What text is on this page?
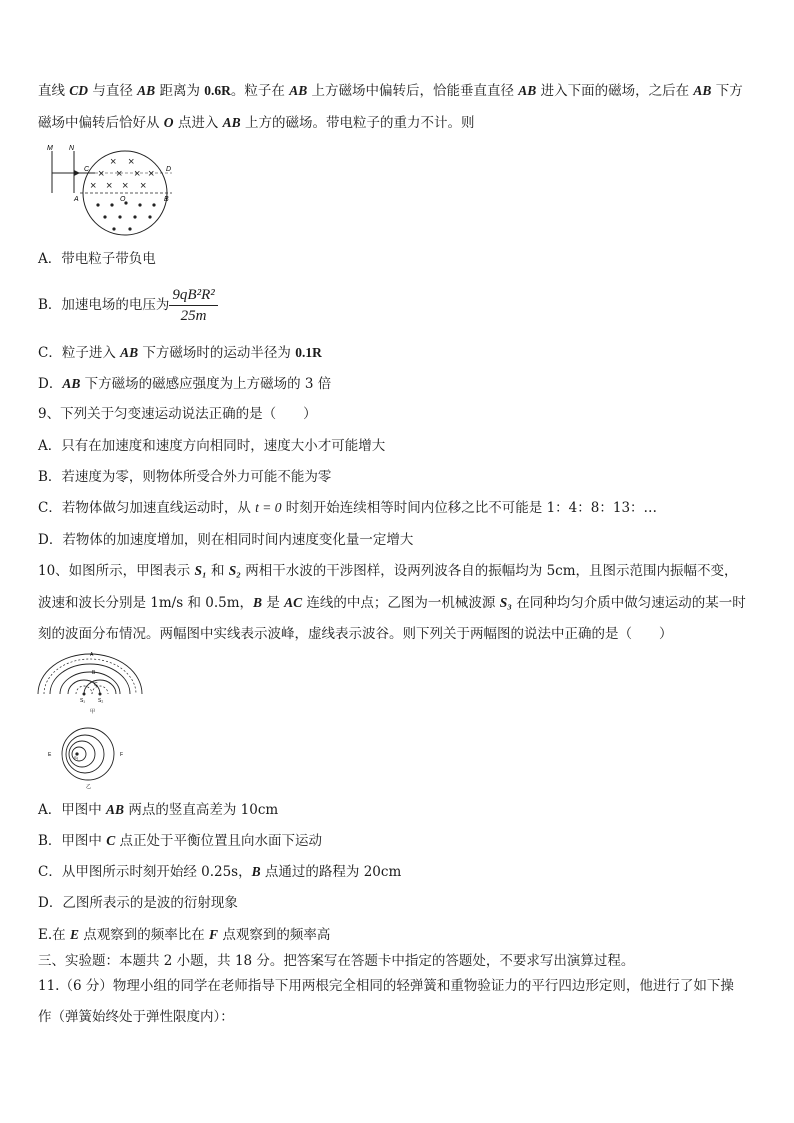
直线 CD 与直径 AB 距离为 0.6R。粒子在 AB 上方磁场中偏转后，恰能垂直直径 AB 进入下面的磁场，之后在 AB 下方
磁场中偏转后恰好从 O 点进入 AB 上方的磁场。带电粒子的重力不计。则
× ×
× × × ×
× × × ×
M N
C	D
A	B
O
A．带电粒子带负电
B．加速电场的电压为 $\frac{\text{9qB²R²}}{25m}$
C．粒子进入 AB 下方磁场时的运动半径为 0.1R
D．AB 下方磁场的磁感应强度为上方磁场的 3 倍
9、下列关于匀变速运动说法正确的是（　　）
A．只有在加速度和速度方向相同时，速度大小才可能增大
B．若速度为零，则物体所受合外力可能不能为零
C．若物体做匀加速直线运动时，从 t = 0 时刻开始连续相等时间内位移之比不可能是 1：4：8：13：…
D．若物体的加速度增加，则在相同时间内速度变化量一定增大
10、如图所示，甲图表示 S₁ 和 S₂ 两相干水波的干涉图样，设两列波各自的振幅均为 5cm，且图示范围内振幅不变，
波速和波长分别是 1m/s 和 0.5m，B 是 AC 连线的中点；乙图为一机械波源 S₃ 在同种均匀介质中做匀速运动的某一时
刻的波面分布情况。两幅图中实线表示波峰，虚线表示波谷。则下列关于两幅图的说法中正确的是（　　）
A
B
C
S₁	S₂
甲
S₃
E	F
乙
A．甲图中 AB 两点的竖直高差为 10cm
B．甲图中 C 点正处于平衡位置且向水面下运动
C．从甲图所示时刻开始经 0.25s，B 点通过的路程为 20cm
D．乙图所表示的是波的衍射现象
E.在 E 点观察到的频率比在 F 点观察到的频率高
三、实验题：本题共 2 小题，共 18 分。把答案写在答题卡中指定的答题处，不要求写出演算过程。
11.（6 分）物理小组的同学在老师指导下用两根完全相同的轻弹簧和重物验证力的平行四边形定则，他进行了如下操
作（弹簧始终处于弹性限度内）：
